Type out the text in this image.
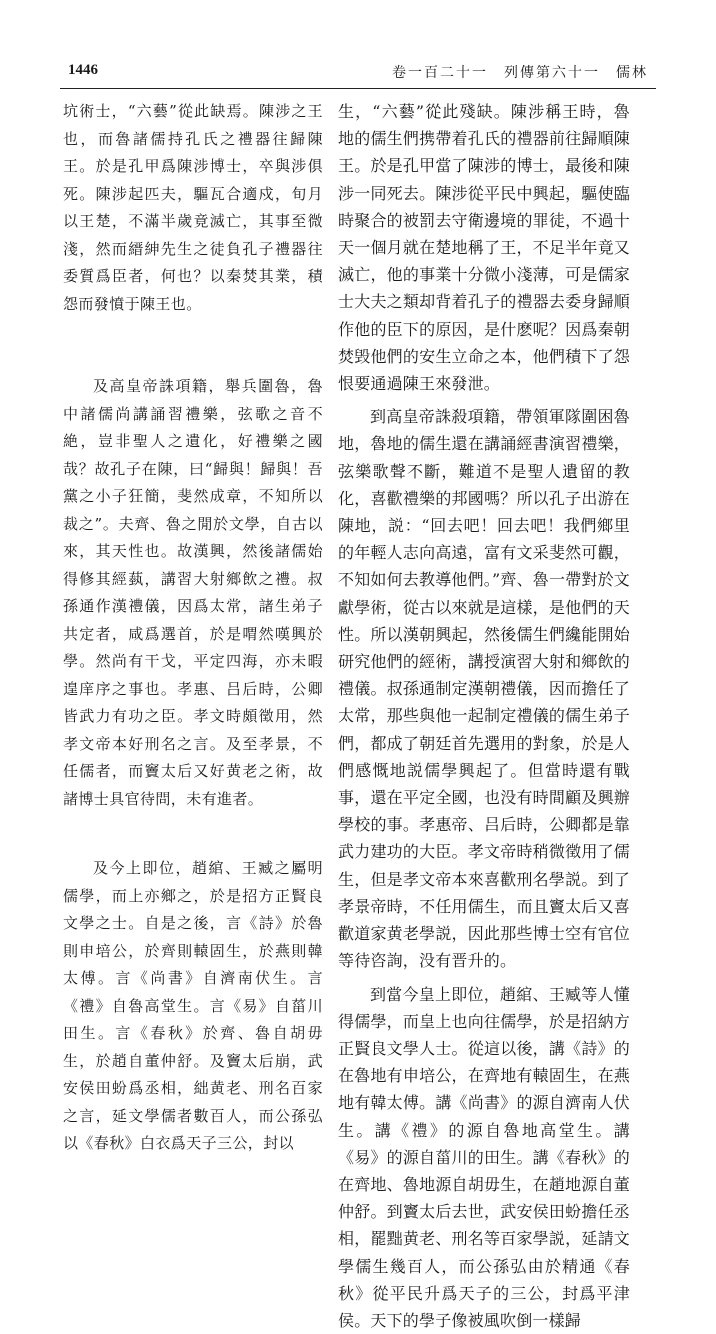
1446	卷一百二十一　列傳第六十一　儒林

坑術士，“六藝”從此缺焉。陳涉之王也，而魯諸儒持孔氏之禮器往歸陳王。於是孔甲爲陳涉博士，卒與涉俱死。陳涉起匹夫，驅瓦合適戍，旬月以王楚，不滿半歲竟滅亡，其事至微淺，然而縉紳先生之徒負孔子禮器往委質爲臣者，何也？以秦焚其業，積怨而發憤于陳王也。

及高皇帝誅項籍，舉兵圍魯，魯中諸儒尚講誦習禮樂，弦歌之音不絶，豈非聖人之遺化，好禮樂之國哉？故孔子在陳，曰“歸與！歸與！吾黨之小子狂簡，斐然成章，不知所以裁之”。夫齊、魯之閒於文學，自古以來，其天性也。故漢興，然後諸儒始得修其經蓺，講習大射鄉飲之禮。叔孫通作漢禮儀，因爲太常，諸生弟子共定者，咸爲選首，於是喟然嘆興於學。然尚有干戈，平定四海，亦未暇遑庠序之事也。孝惠、吕后時，公卿皆武力有功之臣。孝文時頗徵用，然孝文帝本好刑名之言。及至孝景，不任儒者，而竇太后又好黄老之術，故諸博士具官待問，未有進者。

及今上即位，趙綰、王臧之屬明儒學，而上亦鄉之，於是招方正賢良文學之士。自是之後，言《詩》於魯則申培公，於齊則轅固生，於燕則韓太傅。言《尚書》自濟南伏生。言《禮》自魯高堂生。言《易》自菑川田生。言《春秋》於齊、魯自胡毋生，於趙自董仲舒。及竇太后崩，武安侯田蚡爲丞相，絀黄老、刑名百家之言，延文學儒者數百人，而公孫弘以《春秋》白衣爲天子三公，封以

生，“六藝”從此殘缺。陳涉稱王時，魯地的儒生們携帶着孔氏的禮器前往歸順陳王。於是孔甲當了陳涉的博士，最後和陳涉一同死去。陳涉從平民中興起，驅使臨時聚合的被罰去守衛邊境的罪徒，不過十天一個月就在楚地稱了王，不足半年竟又滅亡，他的事業十分微小淺薄，可是儒家士大夫之類却背着孔子的禮器去委身歸順作他的臣下的原因，是什麽呢？因爲秦朝焚毁他們的安生立命之本，他們積下了怨恨要通過陳王來發泄。

到高皇帝誅殺項籍，帶領軍隊圍困魯地，魯地的儒生還在講誦經書演習禮樂，弦樂歌聲不斷，難道不是聖人遺留的教化，喜歡禮樂的邦國嗎？所以孔子出游在陳地，説：“回去吧！回去吧！我們鄉里的年輕人志向高遠，富有文采斐然可觀，不知如何去教導他們。”齊、魯一帶對於文獻學術，從古以來就是這樣，是他們的天性。所以漢朝興起，然後儒生們纔能開始研究他們的經術，講授演習大射和鄉飲的禮儀。叔孫通制定漢朝禮儀，因而擔任了太常，那些與他一起制定禮儀的儒生弟子們，都成了朝廷首先選用的對象，於是人們感慨地説儒學興起了。但當時還有戰事，還在平定全國，也没有時間顧及興辦學校的事。孝惠帝、吕后時，公卿都是靠武力建功的大臣。孝文帝時稍微徵用了儒生，但是孝文帝本來喜歡刑名學説。到了孝景帝時，不任用儒生，而且竇太后又喜歡道家黄老學説，因此那些博士空有官位等待咨詢，没有晋升的。

到當今皇上即位，趙綰、王臧等人懂得儒學，而皇上也向往儒學，於是招納方正賢良文學人士。從這以後，講《詩》的在魯地有申培公，在齊地有轅固生，在燕地有韓太傅。講《尚書》的源自濟南人伏生。講《禮》的源自魯地高堂生。講《易》的源自菑川的田生。講《春秋》的在齊地、魯地源自胡毋生，在趙地源自董仲舒。到竇太后去世，武安侯田蚡擔任丞相，罷黜黄老、刑名等百家學説，延請文學儒生幾百人，而公孫弘由於精通《春秋》從平民升爲天子的三公，封爲平津侯。天下的學子像被風吹倒一樣歸
